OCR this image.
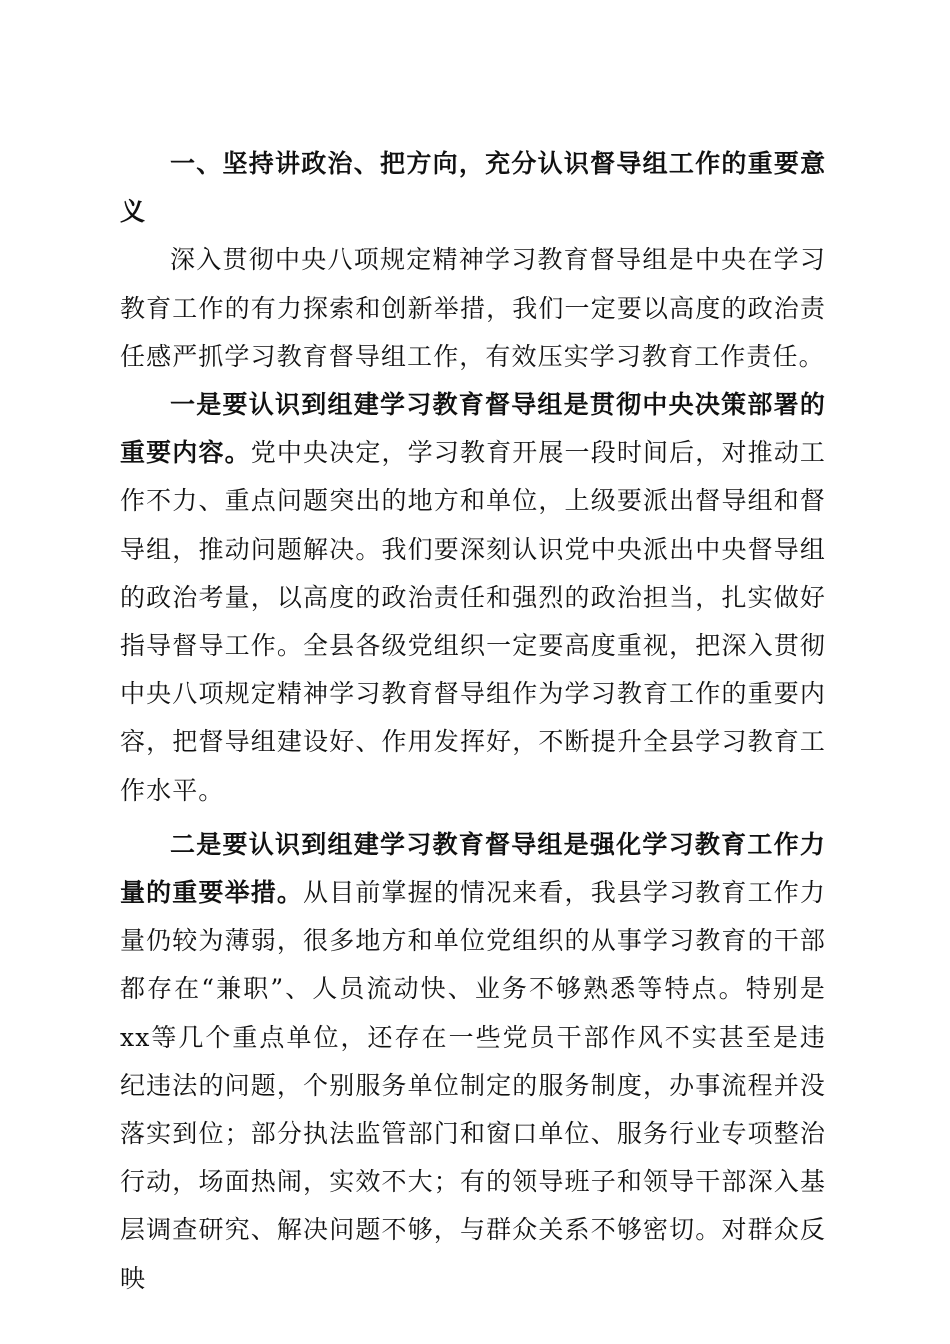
一、坚持讲政治、把方向，充分认识督导组工作的重要意义

深入贯彻中央八项规定精神学习教育督导组是中央在学习教育工作的有力探索和创新举措，我们一定要以高度的政治责任感严抓学习教育督导组工作，有效压实学习教育工作责任。

一是要认识到组建学习教育督导组是贯彻中央决策部署的重要内容。党中央决定，学习教育开展一段时间后，对推动工作不力、重点问题突出的地方和单位，上级要派出督导组和督导组，推动问题解决。我们要深刻认识党中央派出中央督导组的政治考量，以高度的政治责任和强烈的政治担当，扎实做好指导督导工作。全县各级党组织一定要高度重视，把深入贯彻中央八项规定精神学习教育督导组作为学习教育工作的重要内容，把督导组建设好、作用发挥好，不断提升全县学习教育工作水平。

二是要认识到组建学习教育督导组是强化学习教育工作力量的重要举措。从目前掌握的情况来看，我县学习教育工作力量仍较为薄弱，很多地方和单位党组织的从事学习教育的干部都存在“兼职”、人员流动快、业务不够熟悉等特点。特别是xx等几个重点单位，还存在一些党员干部作风不实甚至是违纪违法的问题，个别服务单位制定的服务制度，办事流程并没落实到位；部分执法监管部门和窗口单位、服务行业专项整治行动，场面热闹，实效不大；有的领导班子和领导干部深入基层调查研究、解决问题不够，与群众关系不够密切。对群众反映
